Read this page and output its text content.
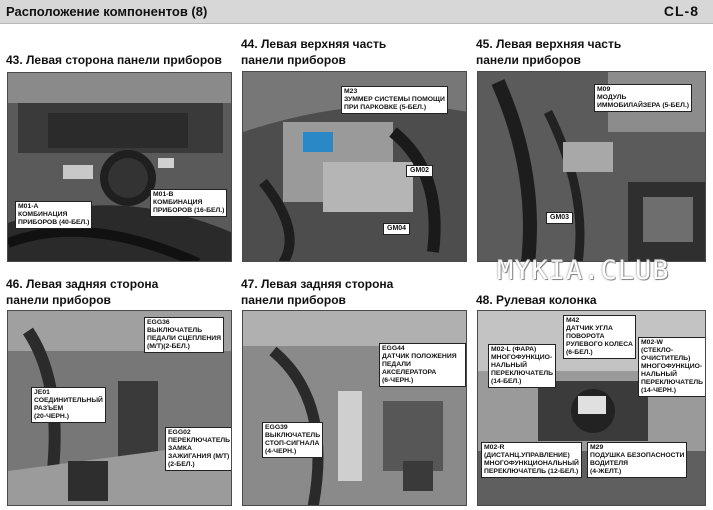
Расположение компонентов (8)	CL-8
43. Левая сторона панели приборов
M01-A
КОМБИНАЦИЯ
ПРИБОРОВ (40-БЕЛ.)
M01-B
КОМБИНАЦИЯ
ПРИБОРОВ (16-БЕЛ.)
44. Левая верхняя часть
панели приборов
M23
ЗУММЕР СИСТЕМЫ ПОМОЩИ
ПРИ ПАРКОВКЕ (5-БЕЛ.)
GM02
GM04
45. Левая верхняя часть
панели приборов
M09
МОДУЛЬ
ИММОБИЛАЙЗЕРА (5-БЕЛ.)
GM03
46. Левая задняя сторона
панели приборов
EGG36
ВЫКЛЮЧАТЕЛЬ
ПЕДАЛИ СЦЕПЛЕНИЯ
(М/Т)(2-БЕЛ.)
JE01
СОЕДИНИТЕЛЬНЫЙ
РАЗЪЕМ
(20-ЧЕРН.)
EGG02
ПЕРЕКЛЮЧАТЕЛЬ
ЗАМКА
ЗАЖИГАНИЯ (М/Т)
(2-БЕЛ.)
47. Левая задняя сторона
панели приборов
EGG44
ДАТЧИК ПОЛОЖЕНИЯ
ПЕДАЛИ АКСЕЛЕРАТОРА
(6-ЧЕРН.)
EGG39
ВЫКЛЮЧАТЕЛЬ
СТОП-СИГНАЛА
(4-ЧЕРН.)
48. Рулевая колонка
M42
ДАТЧИК УГЛА
ПОВОРОТА
РУЛЕВОГО КОЛЕСА
(6-БЕЛ.)
M02-L (ФАРА)
МНОГОФУНКЦИО-
НАЛЬНЫЙ
ПЕРЕКЛЮЧАТЕЛЬ
(14-БЕЛ.)
M02-W
(СТЕКЛО-
ОЧИСТИТЕЛЬ)
МНОГОФУНКЦИО-
НАЛЬНЫЙ
ПЕРЕКЛЮЧАТЕЛЬ
(14-ЧЕРН.)
M02-R
(ДИСТАНЦ.УПРАВЛЕНИЕ)
МНОГОФУНКЦИОНАЛЬНЫЙ
ПЕРЕКЛЮЧАТЕЛЬ (12-БЕЛ.)
M29
ПОДУШКА БЕЗОПАСНОСТИ
ВОДИТЕЛЯ
(4-ЖЕЛТ.)
MYKIA.CLUB
